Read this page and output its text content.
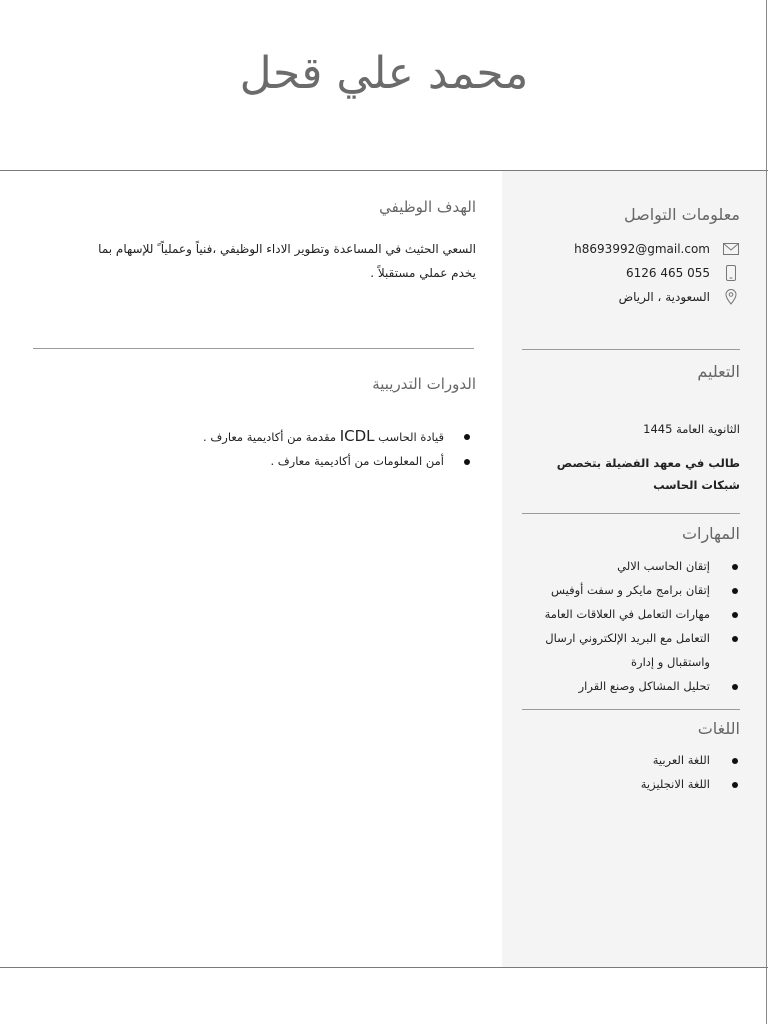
محمد علي قحل
معلومات التواصل
h8693992@gmail.com
055 465 6126
السعودية ، الرياض
التعليم
الثانوية العامة 1445
طالب في معهد الفضيلة بتخصص
شبكات الحاسب
المهارات
إتقان الحاسب الالي
إتقان برامج مايكر و سفت أوفيس
مهارات التعامل في العلاقات العامة
التعامل مع البريد الإلكتروني ارسال
واستقبال و إدارة
تحليل المشاكل وصنع القرار
اللغات
اللغة العربية
اللغة الانجليزية
الهدف الوظيفي
السعي الحثيث في المساعدة وتطوير الاداء الوظيفي ،فنياً وعملياً ً للإسهام بما
يخدم عملي مستقبلاً .
الدورات التدريبية
قيادة الحاسب ICDL مقدمة من أكاديمية معارف .
أمن المعلومات من أكاديمية معارف .
